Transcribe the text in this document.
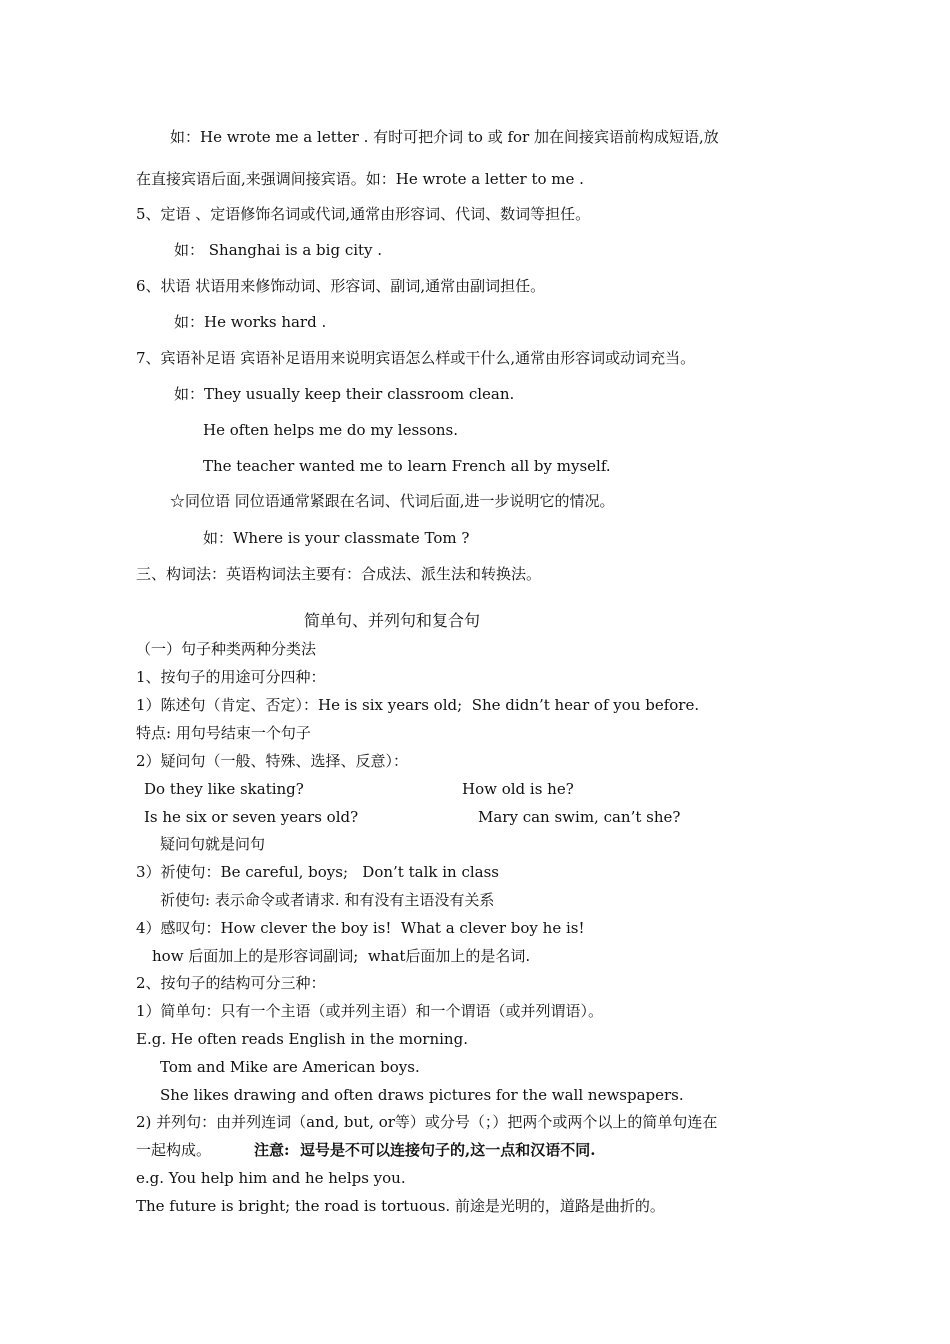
如：He wrote me a letter . 有时可把介词 to 或 for 加在间接宾语前构成短语,放
在直接宾语后面,来强调间接宾语。如：He wrote a letter to me .
5、定语 、定语修饰名词或代词,通常由形容词、代词、数词等担任。
如： Shanghai is a big city .
6、状语 状语用来修饰动词、形容词、副词,通常由副词担任。
如：He works hard .
7、宾语补足语 宾语补足语用来说明宾语怎么样或干什么,通常由形容词或动词充当。
如：They usually keep their classroom clean.
He often helps me do my lessons.
The teacher wanted me to learn French all by myself.
☆同位语 同位语通常紧跟在名词、代词后面,进一步说明它的情况。
如：Where is your classmate Tom ?
三、构词法：英语构词法主要有：合成法、派生法和转换法。
简单句、并列句和复合句
（一）句子种类两种分类法
1、按句子的用途可分四种：
1）陈述句（肯定、否定）：He is six years old;  She didn’t hear of you before.
特点: 用句号结束一个句子
2）疑问句（一般、特殊、选择、反意）：
Do they like skating?	How old is he?
Is he six or seven years old?	Mary can swim, can’t she?
疑问句就是问句
3）祈使句：Be careful, boys;   Don’t talk in class
祈使句: 表示命令或者请求. 和有没有主语没有关系
4）感叹句：How clever the boy is!  What a clever boy he is!
how 后面加上的是形容词副词;  what后面加上的是名词.
2、按句子的结构可分三种：
1）简单句：只有一个主语（或并列主语）和一个谓语（或并列谓语）。
E.g. He often reads English in the morning.
Tom and Mike are American boys.
She likes drawing and often draws pictures for the wall newspapers.
2) 并列句：由并列连词（and, but, or等）或分号（；）把两个或两个以上的简单句连在
一起构成。	注意:  逗号是不可以连接句子的,这一点和汉语不同.
e.g. You help him and he helps you.
The future is bright; the road is tortuous. 前途是光明的，道路是曲折的。
